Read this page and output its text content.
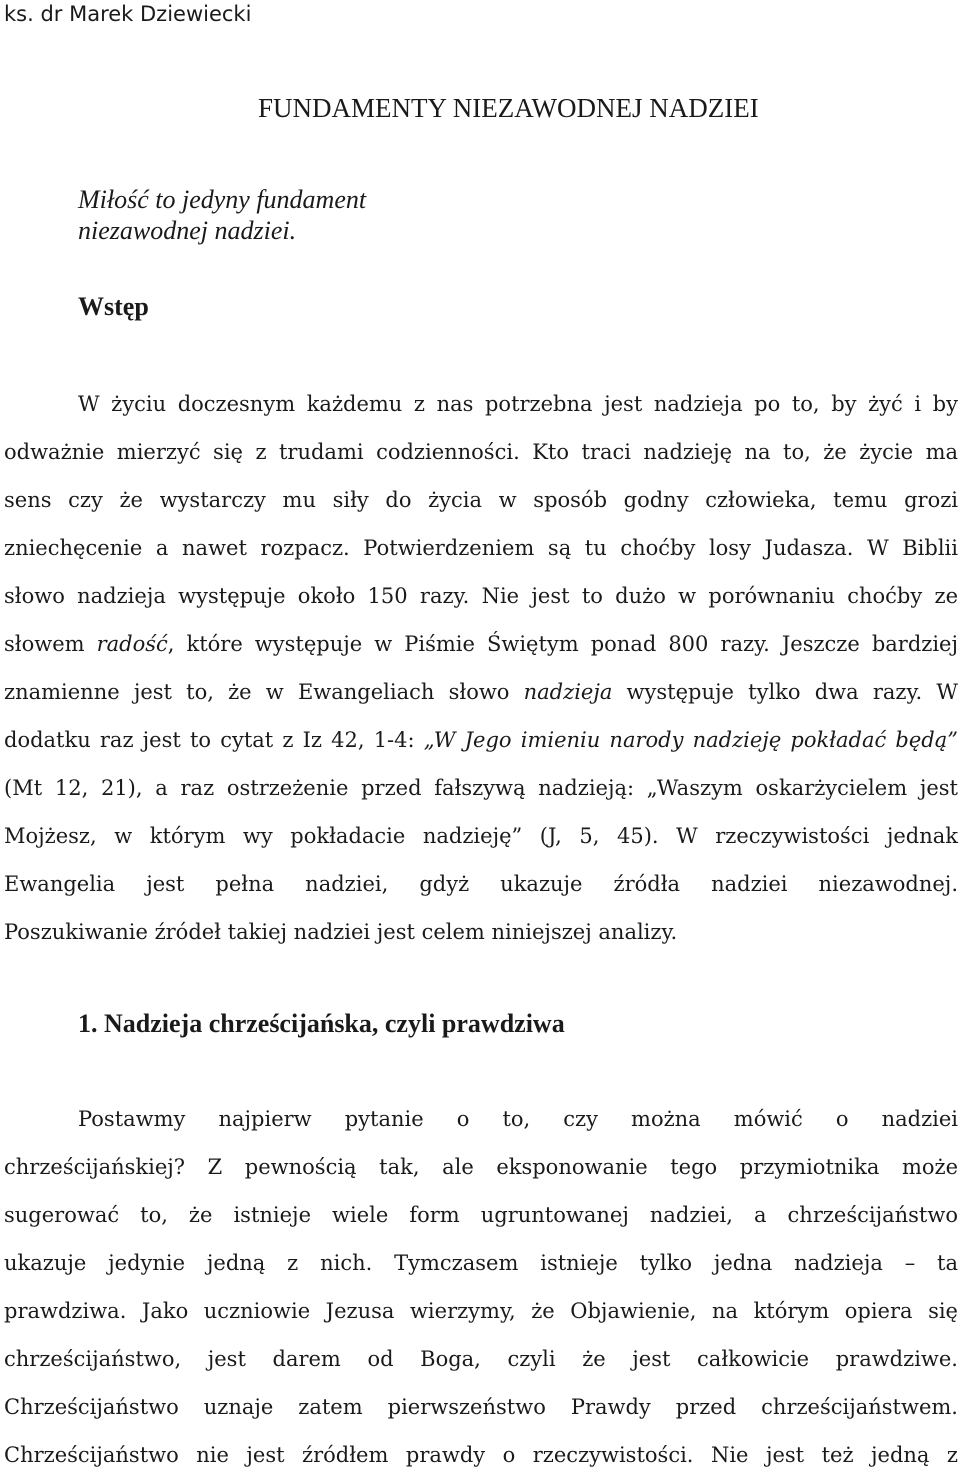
ks. dr Marek Dziewiecki
FUNDAMENTY NIEZAWODNEJ NADZIEI
Miłość to jedyny fundament
niezawodnej nadziei.
Wstęp
W życiu doczesnym każdemu z nas potrzebna jest nadzieja po to, by żyć i by
odważnie mierzyć się z trudami codzienności. Kto traci nadzieję na to, że życie ma
sens czy że wystarczy mu siły do życia w sposób godny człowieka, temu grozi
zniechęcenie a nawet rozpacz. Potwierdzeniem są tu choćby losy Judasza. W Biblii
słowo nadzieja występuje około 150 razy. Nie jest to dużo w porównaniu choćby ze
słowem radość, które występuje w Piśmie Świętym ponad 800 razy. Jeszcze bardziej
znamienne jest to, że w Ewangeliach słowo nadzieja występuje tylko dwa razy. W
dodatku raz jest to cytat z Iz 42, 1-4: „W Jego imieniu narody nadzieję pokładać będą”
(Mt 12, 21), a raz ostrzeżenie przed fałszywą nadzieją: „Waszym oskarżycielem jest
Mojżesz, w którym wy pokładacie nadzieję” (J, 5, 45). W rzeczywistości jednak
Ewangelia jest pełna nadziei, gdyż ukazuje źródła nadziei niezawodnej.
Poszukiwanie źródeł takiej nadziei jest celem niniejszej analizy.
1. Nadzieja chrześcijańska, czyli prawdziwa
Postawmy najpierw pytanie o to, czy można mówić o nadziei
chrześcijańskiej? Z pewnością tak, ale eksponowanie tego przymiotnika może
sugerować to, że istnieje wiele form ugruntowanej nadziei, a chrześcijaństwo
ukazuje jedynie jedną z nich. Tymczasem istnieje tylko jedna nadzieja – ta
prawdziwa. Jako uczniowie Jezusa wierzymy, że Objawienie, na którym opiera się
chrześcijaństwo, jest darem od Boga, czyli że jest całkowicie prawdziwe.
Chrześcijaństwo uznaje zatem pierwszeństwo Prawdy przed chrześcijaństwem.
Chrześcijaństwo nie jest źródłem prawdy o rzeczywistości. Nie jest też jedną z
